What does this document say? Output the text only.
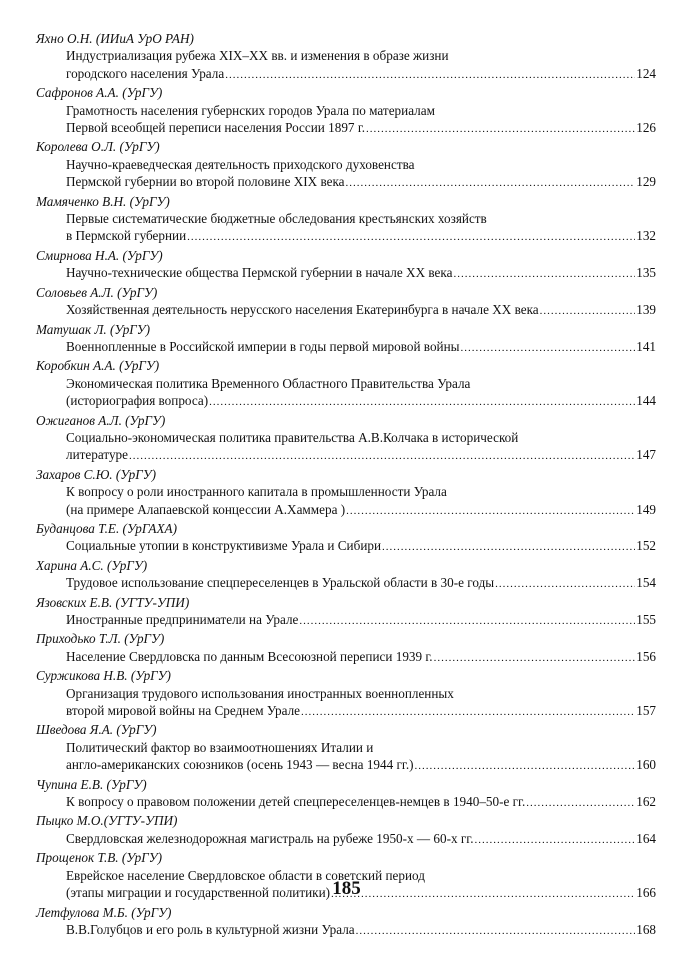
Яхно О.Н. (ИИиА УрО РАН)
Индустриализация рубежа XIX–XX вв. и изменения в образе жизни
городского населения Урала .....	124
Сафронов А.А. (УрГУ)
Грамотность населения губернских городов Урала по материалам
Первой всеобщей переписи населения России 1897 г. .....	126
Королева О.Л. (УрГУ)
Научно-краеведческая деятельность приходского духовенства
Пермской губернии во второй половине XIX века .....	129
Мамяченко В.Н. (УрГУ)
Первые систематические бюджетные обследования крестьянских хозяйств
в Пермской губернии .....	132
Смирнова Н.А. (УрГУ)
Научно-технические общества Пермской губернии в начале XX века .....	135
Соловьев А.Л. (УрГУ)
Хозяйственная деятельность нерусского населения Екатеринбурга в начале XX века .....	139
Матушак Л. (УрГУ)
Военнопленные в Российской империи в годы первой мировой войны .....	141
Коробкин А.А. (УрГУ)
Экономическая политика Временного Областного Правительства Урала
(историография вопроса) .....	144
Ожиганов А.Л. (УрГУ)
Социально-экономическая политика правительства А.В.Колчака в исторической
литературе .....	147
Захаров С.Ю. (УрГУ)
К вопросу о роли иностранного капитала в промышленности Урала
(на примере Алапаевской концессии А.Хаммера ) .....	149
Буданцова Т.Е. (УрГАХА)
Социальные утопии в конструктивизме Урала и Сибири .....	152
Харина А.С. (УрГУ)
Трудовое использование спецпереселенцев в Уральской области в 30-е годы .....	154
Язовских Е.В. (УГТУ-УПИ)
Иностранные предприниматели на Урале .....	155
Приходько Т.Л. (УрГУ)
Население Свердловска по данным Всесоюзной переписи 1939 г. .....	156
Суржикова Н.В. (УрГУ)
Организация трудового использования иностранных военнопленных
второй мировой войны на Среднем Урале .....	157
Шведова Я.А. (УрГУ)
Политический фактор во взаимоотношениях Италии и
англо-американских союзников (осень 1943 — весна 1944 гг.) .....	160
Чупина Е.В. (УрГУ)
К вопросу о правовом положении детей спецпереселенцев-немцев в 1940–50-е гг. .....	162
Пыцко М.О.(УГТУ-УПИ)
Свердловская железнодорожная магистраль на рубеже 1950-х — 60-х гг. .....	164
Прощенок Т.В. (УрГУ)
Еврейское население Свердловское области в советский период
(этапы миграции и государственной политики) .....	166
Летфулова М.Б. (УрГУ)
В.В.Голубцов и его роль в культурной жизни Урала .....	168
185
